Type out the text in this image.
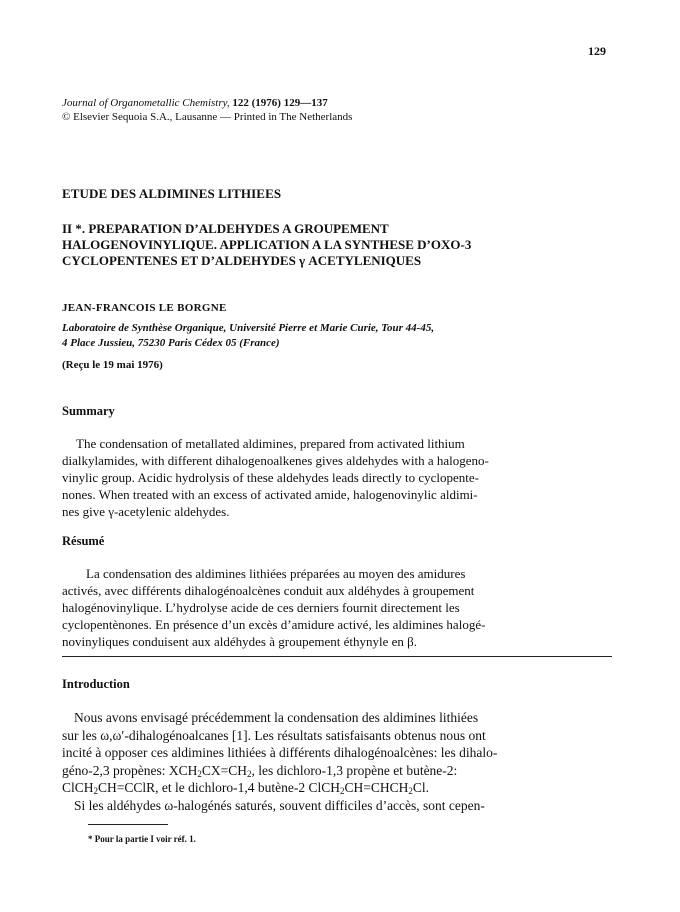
129
Journal of Organometallic Chemistry, 122 (1976) 129—137
© Elsevier Sequoia S.A., Lausanne — Printed in The Netherlands
ETUDE DES ALDIMINES LITHIEES
II *. PREPARATION D’ALDEHYDES A GROUPEMENT
HALOGENOVINYLIQUE. APPLICATION A LA SYNTHESE D’OXO-3
CYCLOPENTENES ET D’ALDEHYDES γ ACETYLENIQUES
JEAN-FRANCOIS LE BORGNE
Laboratoire de Synthèse Organique, Université Pierre et Marie Curie, Tour 44-45,
4 Place Jussieu, 75230 Paris Cédex 05 (France)
(Reçu le 19 mai 1976)
Summary
The condensation of metallated aldimines, prepared from activated lithium
dialkylamides, with different dihalogenoalkenes gives aldehydes with a halogeno-
vinylic group. Acidic hydrolysis of these aldehydes leads directly to cyclopente-
nones. When treated with an excess of activated amide, halogenovinylic aldimi-
nes give γ-acetylenic aldehydes.
Résumé
La condensation des aldimines lithiées préparées au moyen des amidures
activés, avec différents dihalogénoalcènes conduit aux aldéhydes à groupement
halogénovinylique. L’hydrolyse acide de ces derniers fournit directement les
cyclopentènones. En présence d’un excès d’amidure activé, les aldimines halogé-
novinyliques conduisent aux aldéhydes à groupement éthynyle en β.
Introduction
Nous avons envisagé précédemment la condensation des aldimines lithiées
sur les ω,ω′-dihalogénoalcanes [1]. Les résultats satisfaisants obtenus nous ont
incité à opposer ces aldimines lithiées à différents dihalogénoalcènes: les dihalo-
géno-2,3 propènes: $XCH_2CX=CH_2$, les dichloro-1,3 propène et butène-2:
ClCH$_2$CH=CClR, et le dichloro-1,4 butène-2 $ClCH_2CH=CHCH_2Cl$.
Si les aldéhydes ω-halogénés saturés, souvent difficiles d’accès, sont cepen-
* Pour la partie I voir réf. 1.
